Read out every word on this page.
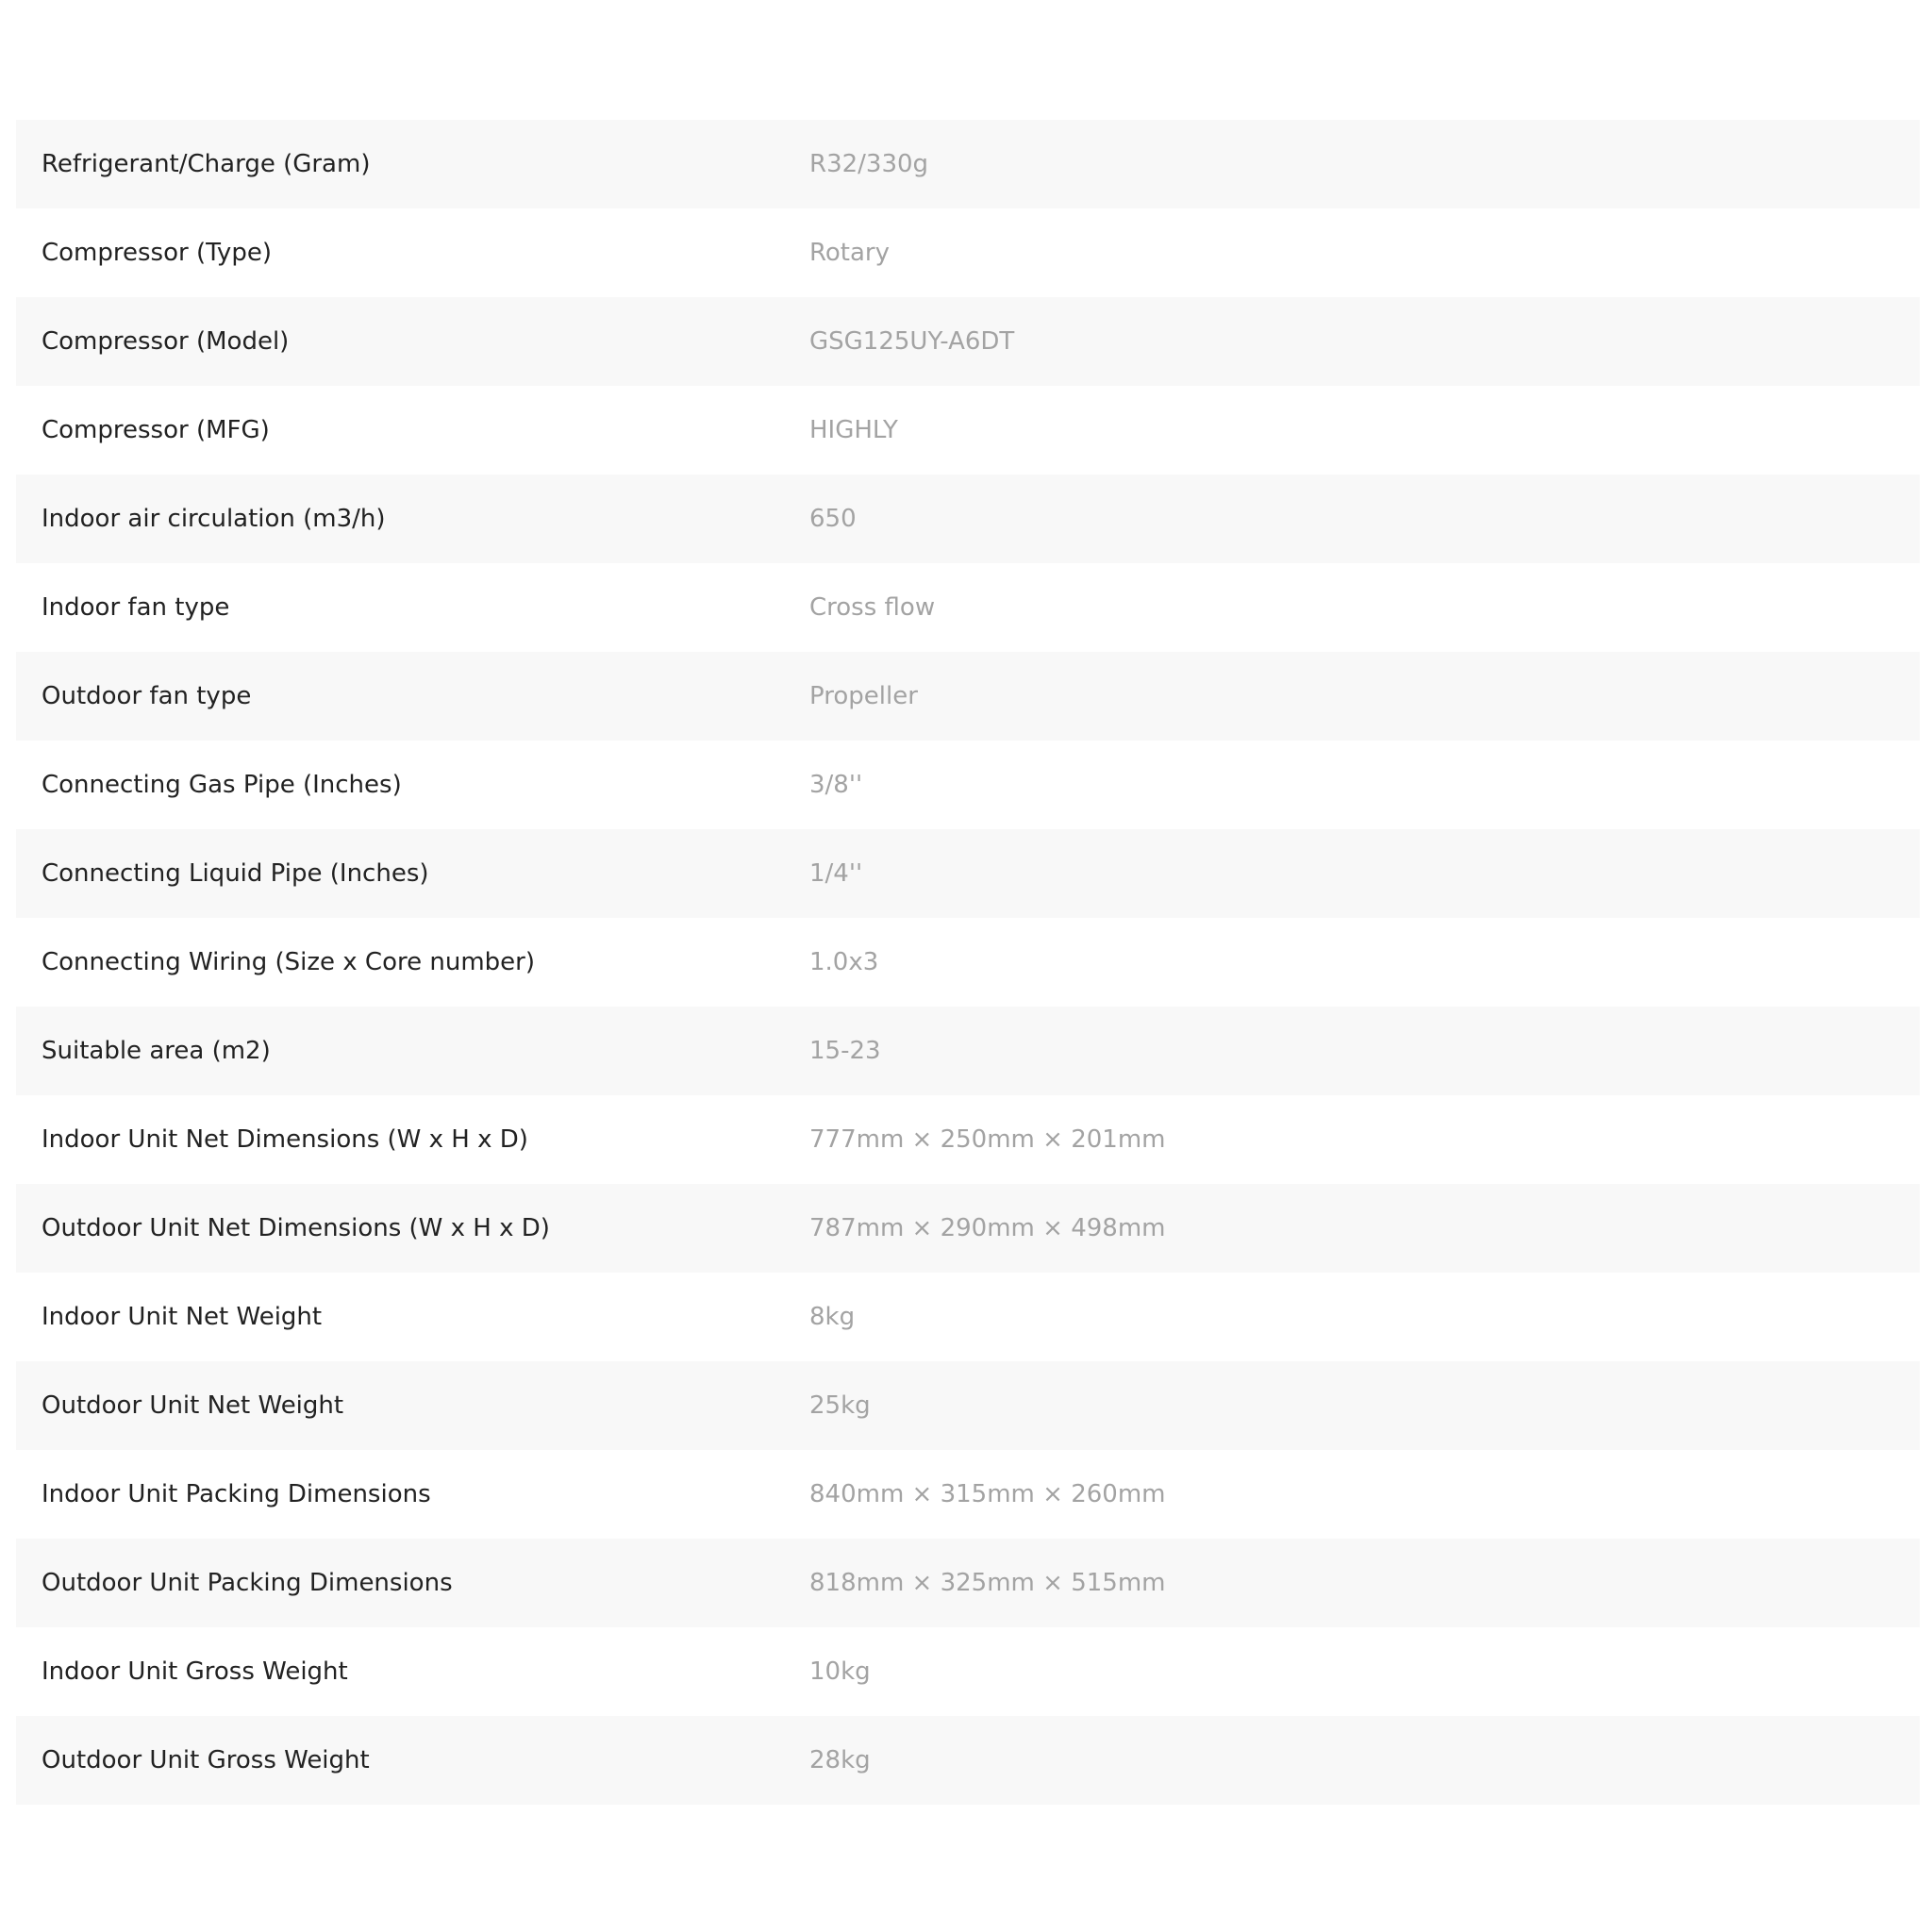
Refrigerant/Charge (Gram)	R32/330g
Compressor (Type)	Rotary
Compressor (Model)	GSG125UY-A6DT
Compressor (MFG)	HIGHLY
Indoor air circulation (m3/h)	650
Indoor fan type	Cross flow
Outdoor fan type	Propeller
Connecting Gas Pipe (Inches)	3/8''
Connecting Liquid Pipe (Inches)	1/4''
Connecting Wiring (Size x Core number)	1.0x3
Suitable area (m2)	15-23
Indoor Unit Net Dimensions (W x H x D)	777mm × 250mm × 201mm
Outdoor Unit Net Dimensions (W x H x D)	787mm × 290mm × 498mm
Indoor Unit Net Weight	8kg
Outdoor Unit Net Weight	25kg
Indoor Unit Packing Dimensions	840mm × 315mm × 260mm
Outdoor Unit Packing Dimensions	818mm × 325mm × 515mm
Indoor Unit Gross Weight	10kg
Outdoor Unit Gross Weight	28kg
